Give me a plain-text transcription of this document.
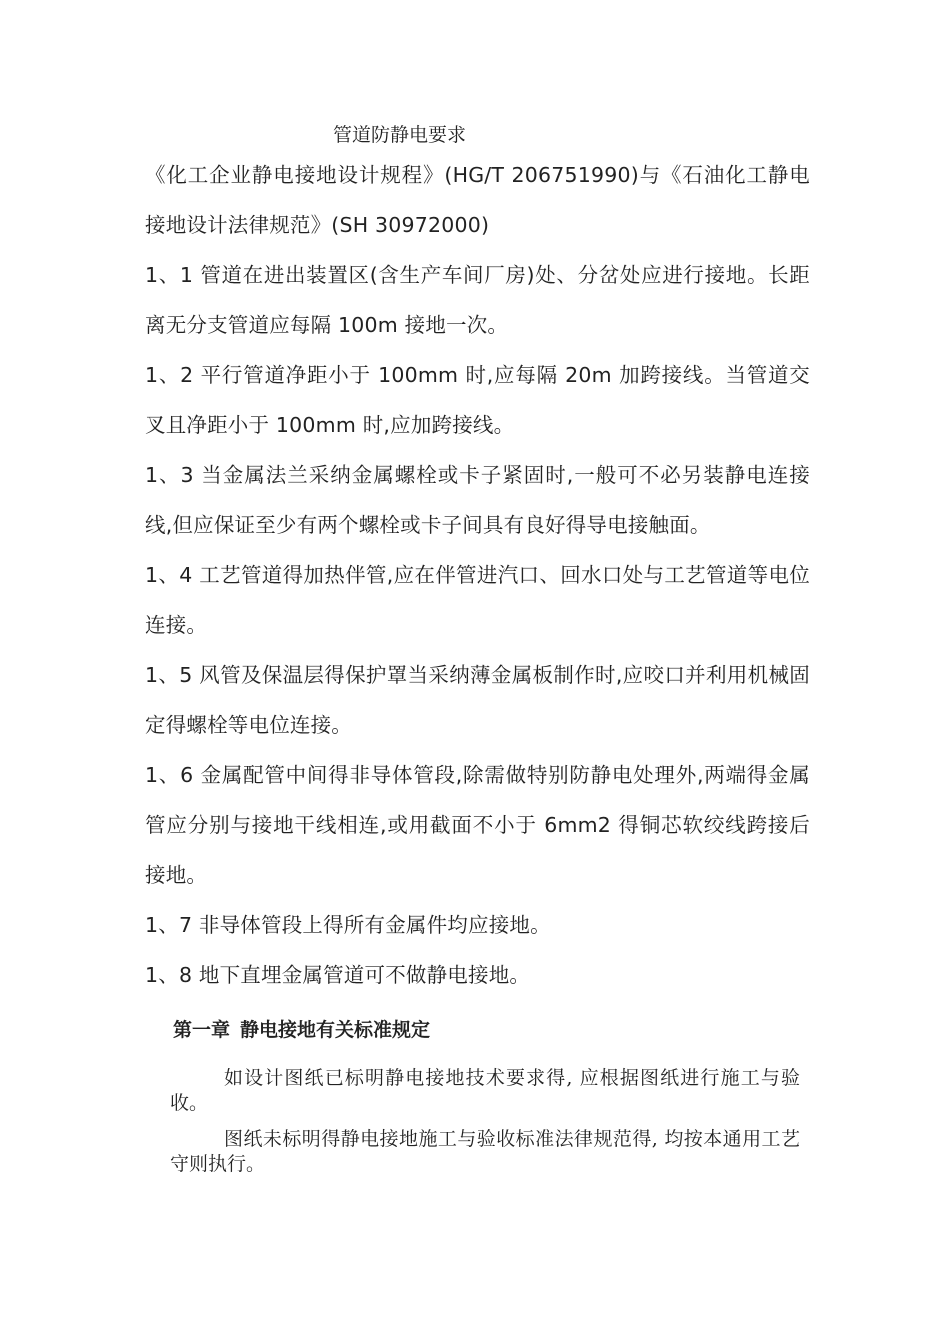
管道防静电要求

《化工企业静电接地设计规程》(HG/T 206751990)与《石油化工静电接地设计法律规范》(SH 30972000)

1、1 管道在进出装置区(含生产车间厂房)处、分岔处应进行接地。长距离无分支管道应每隔 100m 接地一次。

1、2 平行管道净距小于 100mm 时,应每隔 20m 加跨接线。当管道交叉且净距小于 100mm 时,应加跨接线。

1、3 当金属法兰采纳金属螺栓或卡子紧固时,一般可不必另装静电连接线,但应保证至少有两个螺栓或卡子间具有良好得导电接触面。

1、4 工艺管道得加热伴管,应在伴管进汽口、回水口处与工艺管道等电位连接。

1、5 风管及保温层得保护罩当采纳薄金属板制作时,应咬口并利用机械固定得螺栓等电位连接。

1、6 金属配管中间得非导体管段,除需做特别防静电处理外,两端得金属管应分别与接地干线相连,或用截面不小于 6mm2 得铜芯软绞线跨接后接地。

1、7 非导体管段上得所有金属件均应接地。

1、8 地下直埋金属管道可不做静电接地。

第一章 静电接地有关标准规定

如设计图纸已标明静电接地技术要求得, 应根据图纸进行施工与验收。

图纸未标明得静电接地施工与验收标准法律规范得, 均按本通用工艺守则执行。
